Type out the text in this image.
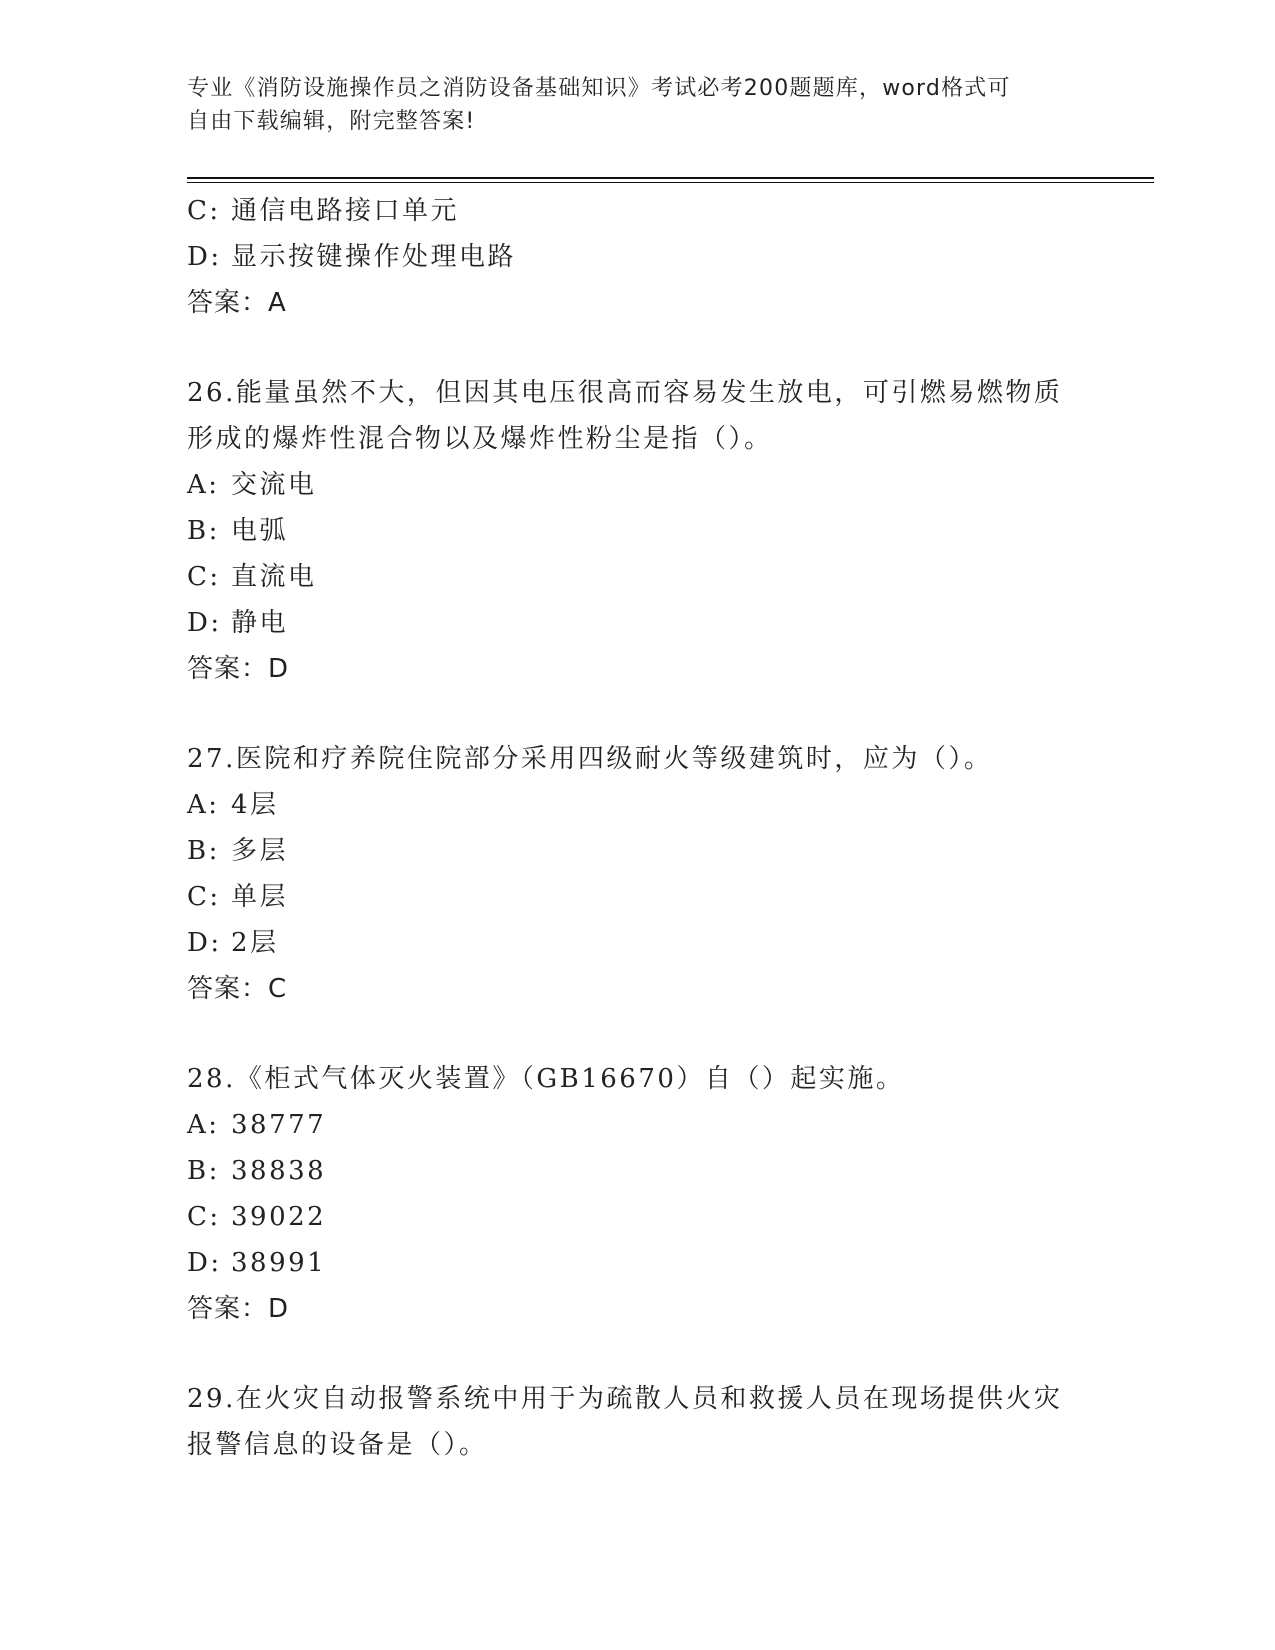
专业《消防设施操作员之消防设备基础知识》考试必考200题题库，word格式可
自由下载编辑，附完整答案!
C: 通信电路接口单元
D: 显示按键操作处理电路
答案：A
26.能量虽然不大，但因其电压很高而容易发生放电，可引燃易燃物质
形成的爆炸性混合物以及爆炸性粉尘是指（）。
A: 交流电
B: 电弧
C: 直流电
D: 静电
答案：D
27.医院和疗养院住院部分采用四级耐火等级建筑时，应为（）。
A: 4层
B: 多层
C: 单层
D: 2层
答案：C
28.《柜式气体灭火装置》（GB16670）自（）起实施。
A: 38777
B: 38838
C: 39022
D: 38991
答案：D
29.在火灾自动报警系统中用于为疏散人员和救援人员在现场提供火灾
报警信息的设备是（）。
